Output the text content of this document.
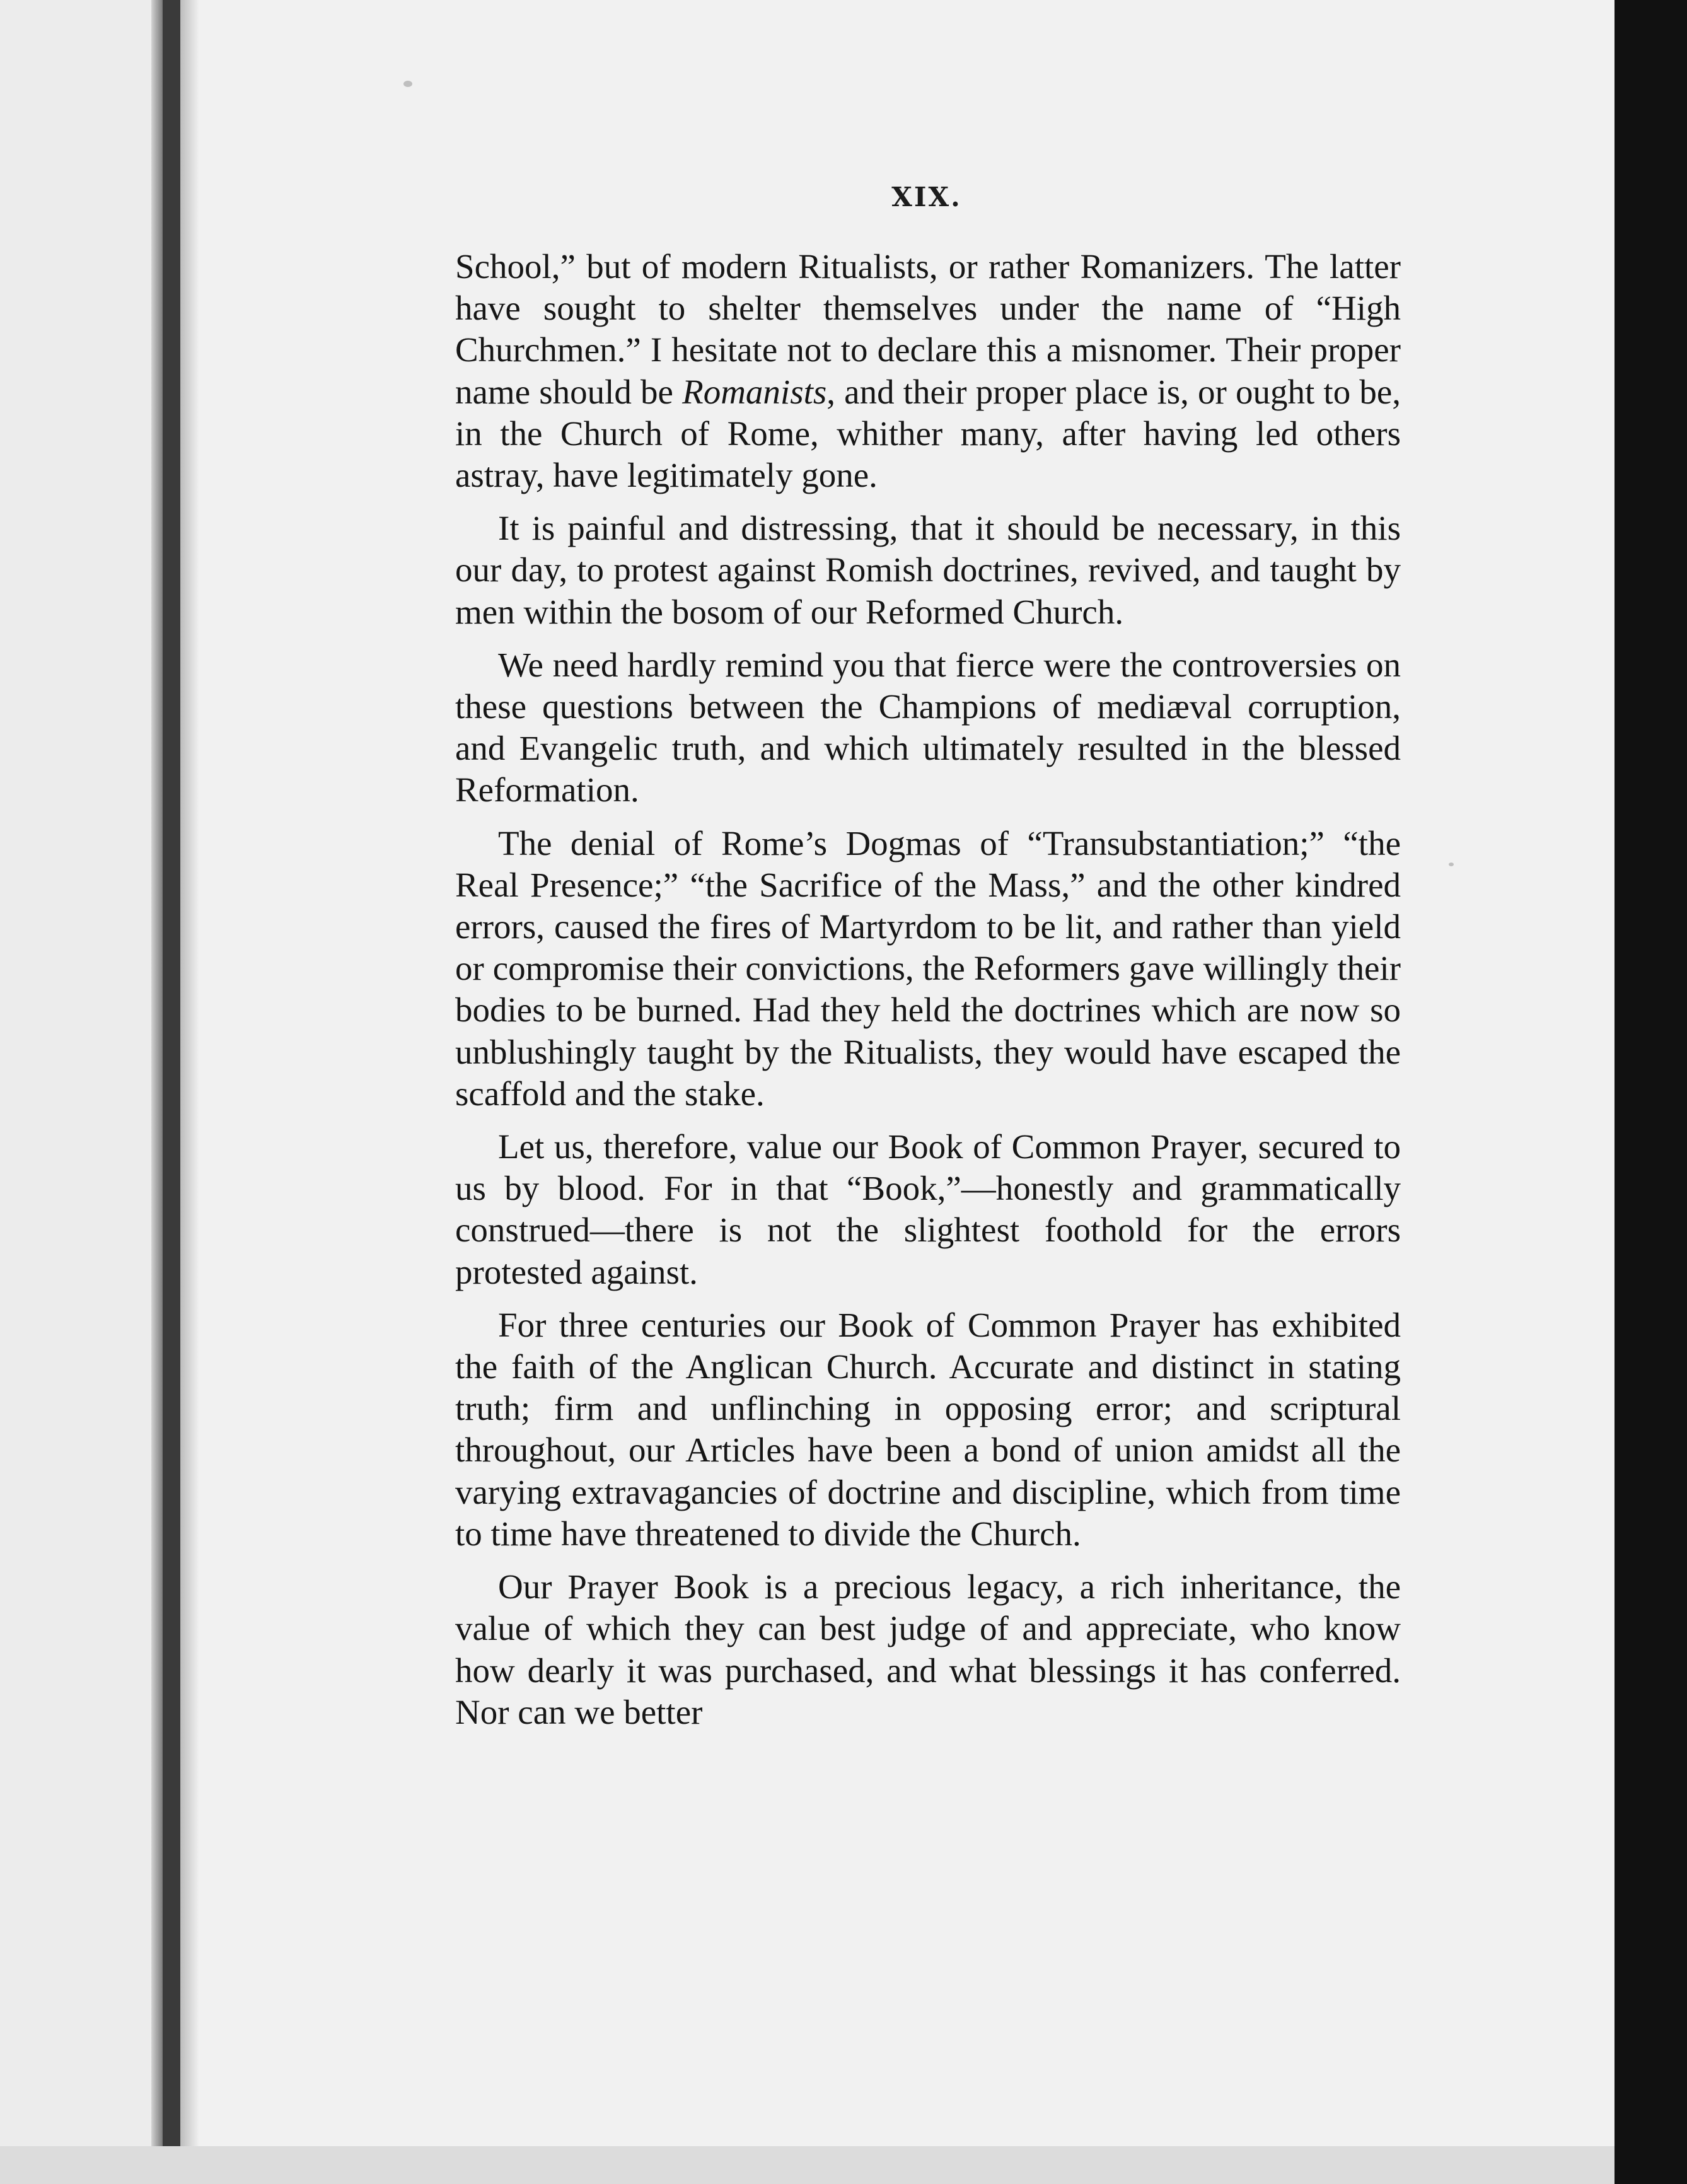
XIX.

School,” but of modern Ritualists, or rather Romanizers. The latter have sought to shelter themselves under the name of “High Churchmen.” I hesitate not to declare this a misnomer. Their proper name should be Romanists, and their proper place is, or ought to be, in the Church of Rome, whither many, after having led others astray, have legitimately gone.

It is painful and distressing, that it should be necessary, in this our day, to protest against Romish doctrines, revived, and taught by men within the bosom of our Reformed Church.

We need hardly remind you that fierce were the controversies on these questions between the Champions of mediæval corruption, and Evangelic truth, and which ultimately resulted in the blessed Reformation.

The denial of Rome’s Dogmas of “Transubstantiation;” “the Real Presence;” “the Sacrifice of the Mass,” and the other kindred errors, caused the fires of Martyrdom to be lit, and rather than yield or compromise their convictions, the Reformers gave willingly their bodies to be burned. Had they held the doctrines which are now so unblushingly taught by the Ritualists, they would have escaped the scaffold and the stake.

Let us, therefore, value our Book of Common Prayer, secured to us by blood. For in that “Book,”—honestly and grammatically construed—there is not the slightest foothold for the errors protested against.

For three centuries our Book of Common Prayer has exhibited the faith of the Anglican Church. Accurate and distinct in stating truth; firm and unflinching in opposing error; and scriptural throughout, our Articles have been a bond of union amidst all the varying extravagancies of doctrine and discipline, which from time to time have threatened to divide the Church.

Our Prayer Book is a precious legacy, a rich inheritance, the value of which they can best judge of and appreciate, who know how dearly it was purchased, and what blessings it has conferred. Nor can we better
